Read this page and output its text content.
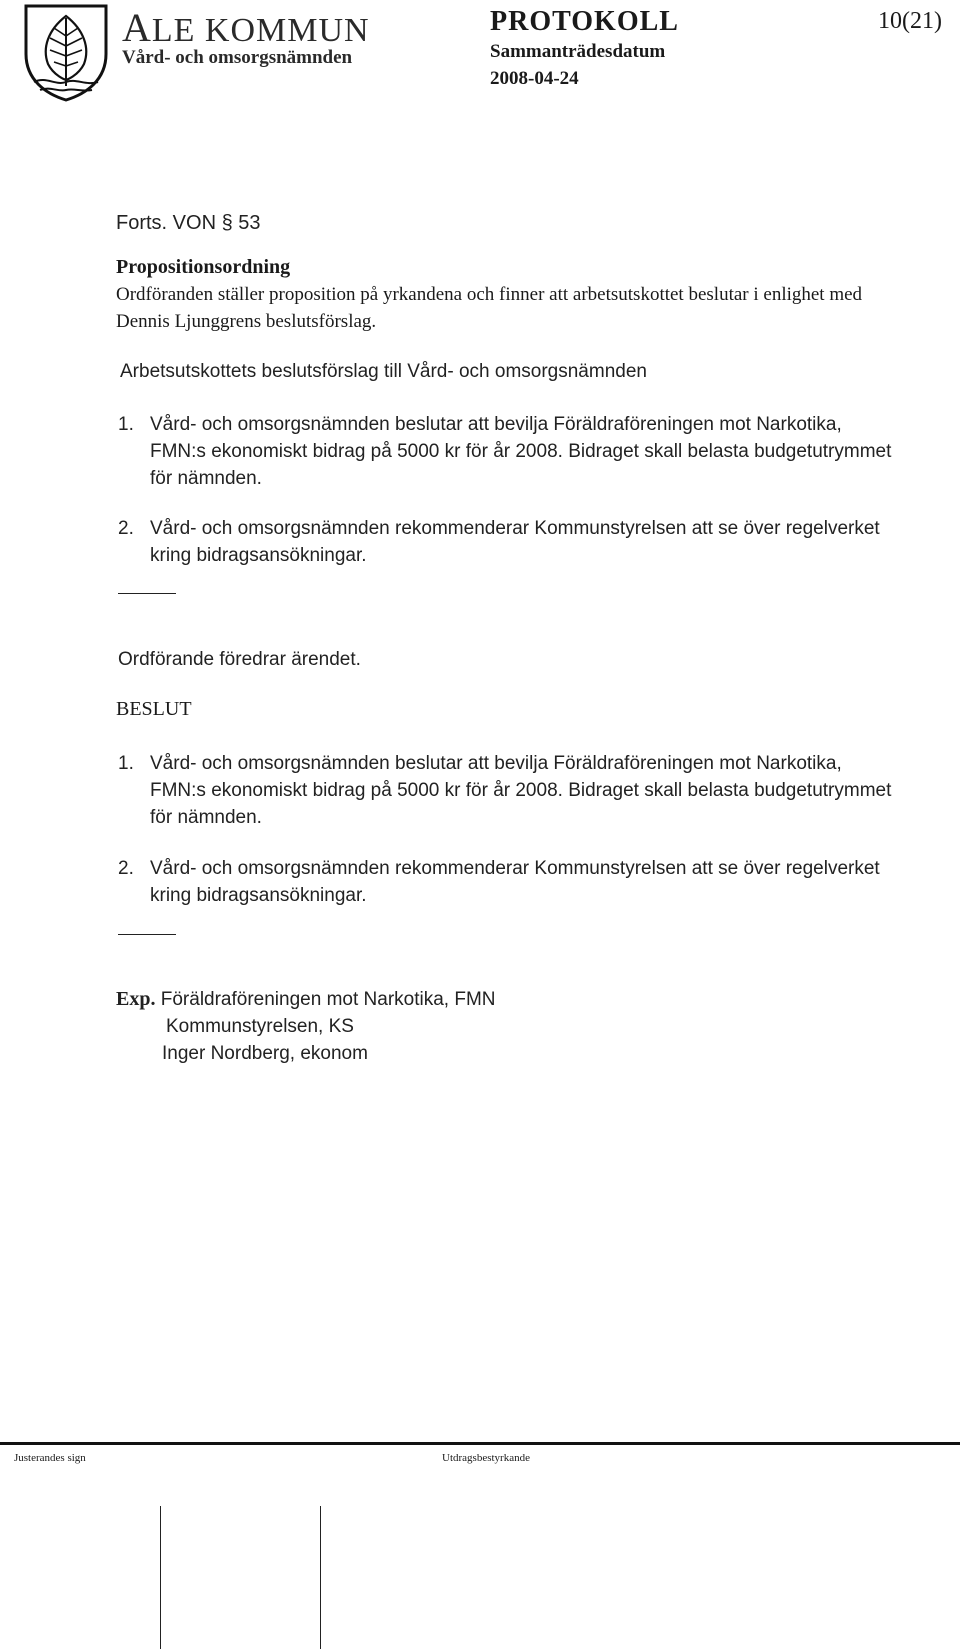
ALE KOMMUN
Vård- och omsorgsnämnden
PROTOKOLL	10(21)
Sammanträdesdatum
2008-04-24
Forts. VON § 53
Propositionsordning
Ordföranden ställer proposition på yrkandena och finner att arbetsutskottet beslutar i enlighet med Dennis Ljunggrens beslutsförslag.
Arbetsutskottets beslutsförslag till Vård- och omsorgsnämnden
1. Vård- och omsorgsnämnden beslutar att bevilja Föräldraföreningen mot Narkotika, FMN:s ekonomiskt bidrag på 5000 kr för år 2008. Bidraget skall belasta budgetutrymmet för nämnden.
2. Vård- och omsorgsnämnden rekommenderar Kommunstyrelsen att se över regelverket kring bidragsansökningar.
Ordförande föredrar ärendet.
BESLUT
1. Vård- och omsorgsnämnden beslutar att bevilja Föräldraföreningen mot Narkotika, FMN:s ekonomiskt bidrag på 5000 kr för år 2008. Bidraget skall belasta budgetutrymmet för nämnden.
2. Vård- och omsorgsnämnden rekommenderar Kommunstyrelsen att se över regelverket kring bidragsansökningar.
Exp. Föräldraföreningen mot Narkotika, FMN
Kommunstyrelsen, KS
Inger Nordberg, ekonom
Justerandes sign	Utdragsbestyrkande
